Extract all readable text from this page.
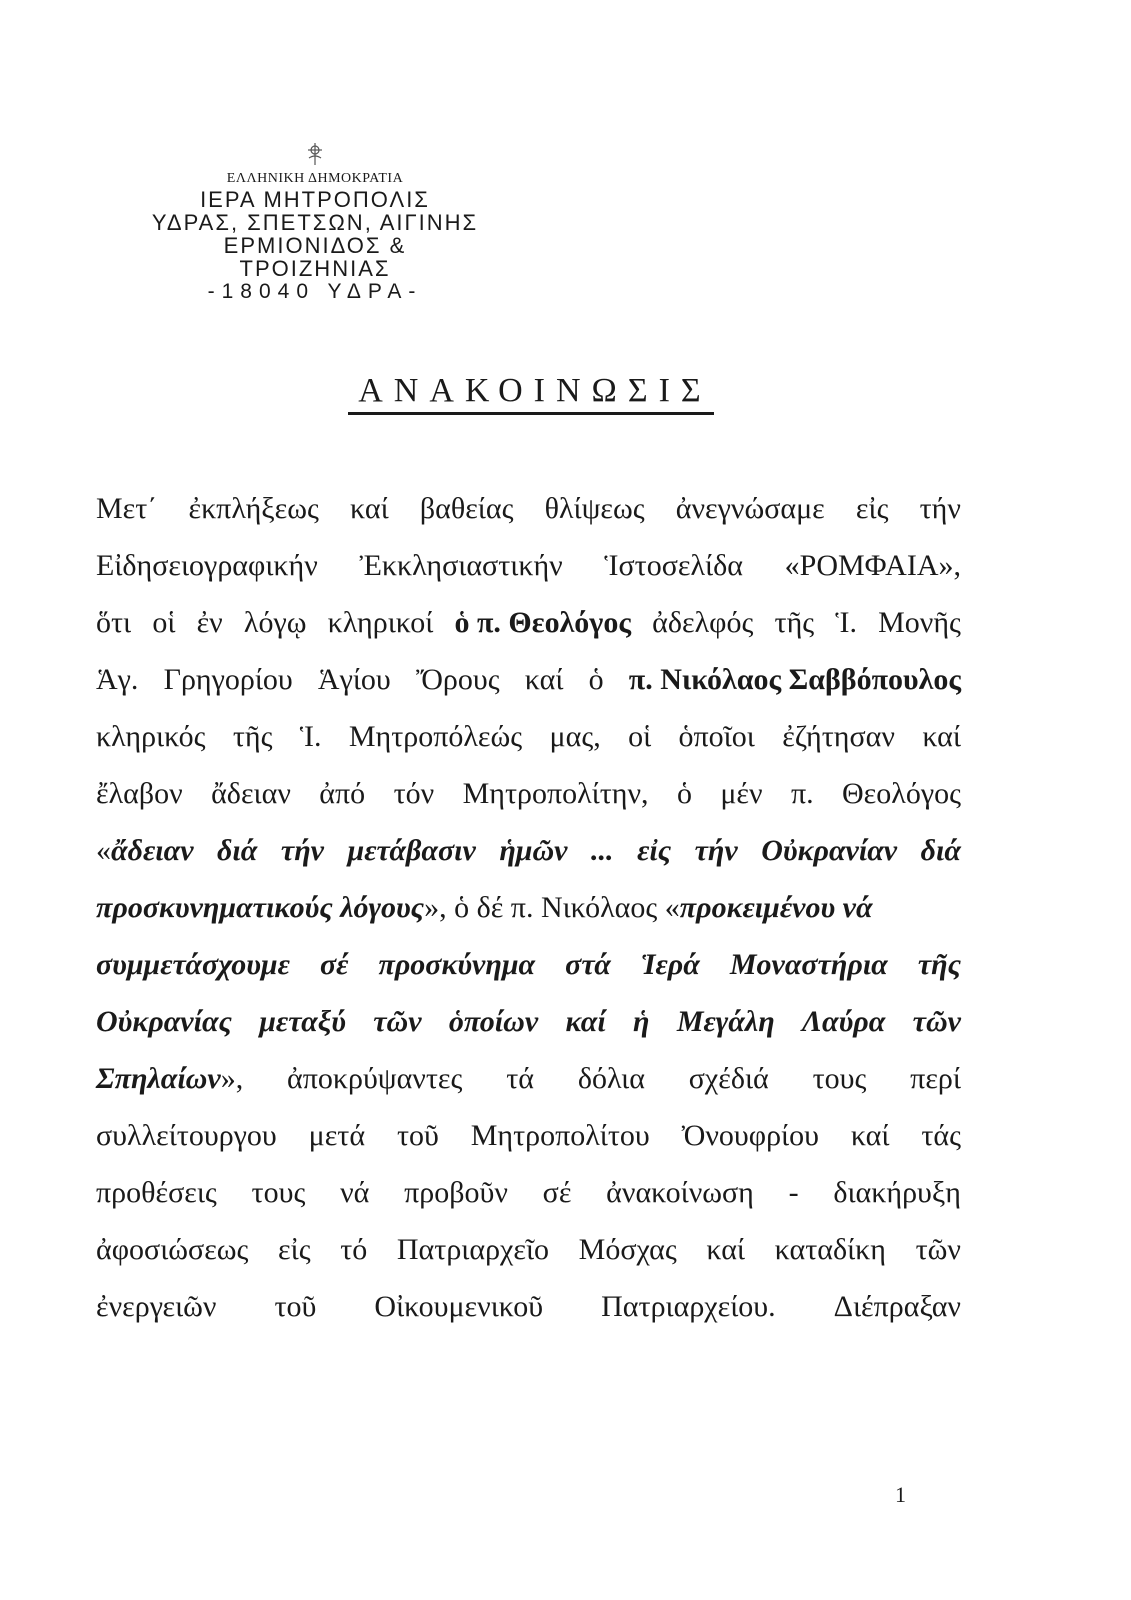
ΕΛΛΗΝΙΚΗ ΔΗΜΟΚΡΑΤΙΑ
ΙΕΡΑ ΜΗΤΡΟΠΟΛΙΣ
ΥΔΡΑΣ, ΣΠΕΤΣΩΝ, ΑΙΓΙΝΗΣ
ΕΡΜΙΟΝΙΔΟΣ & ΤΡΟΙΖΗΝΙΑΣ
-18040 ΥΔΡΑ-
ΑΝΑΚΟΙΝΩΣΙΣ
Μετ΄ ἐκπλήξεως καί βαθείας θλίψεως ἀνεγνώσαμε εἰς τήν
Εἰδησειογραφικήν Ἐκκλησιαστικήν Ἱστοσελίδα «ΡΟΜΦΑΙΑ»,
ὅτι οἱ ἐν λόγῳ κληρικοί ὁ π. Θεολόγος ἀδελφός τῆς Ἱ. Μονῆς
Ἁγ. Γρηγορίου Ἁγίου Ὄρους καί ὁ π. Νικόλαος Σαββόπουλος
κληρικός τῆς Ἱ. Μητροπόλεώς μας, οἱ ὁποῖοι ἐζήτησαν καί
ἔλαβον ἄδειαν ἀπό τόν Μητροπολίτην, ὁ μέν π. Θεολόγος
«ἄδειαν διά τήν μετάβασιν ἡμῶν ... εἰς τήν Οὐκρανίαν διά
προσκυνηματικούς λόγους», ὁ δέ π. Νικόλαος «προκειμένου νά
συμμετάσχουμε σέ προσκύνημα στά Ἱερά Μοναστήρια τῆς
Οὐκρανίας μεταξύ τῶν ὁποίων καί ἡ Μεγάλη Λαύρα τῶν
Σπηλαίων», ἀποκρύψαντες τά δόλια σχέδιά τους περί
συλλείτουργου μετά τοῦ Μητροπολίτου Ὀνουφρίου καί τάς
προθέσεις τους νά προβοῦν σέ ἀνακοίνωση - διακήρυξη
ἀφοσιώσεως εἰς τό Πατριαρχεῖο Μόσχας καί καταδίκη τῶν
ἐνεργειῶν τοῦ Οἰκουμενικοῦ Πατριαρχείου. Διέπραξαν
1
